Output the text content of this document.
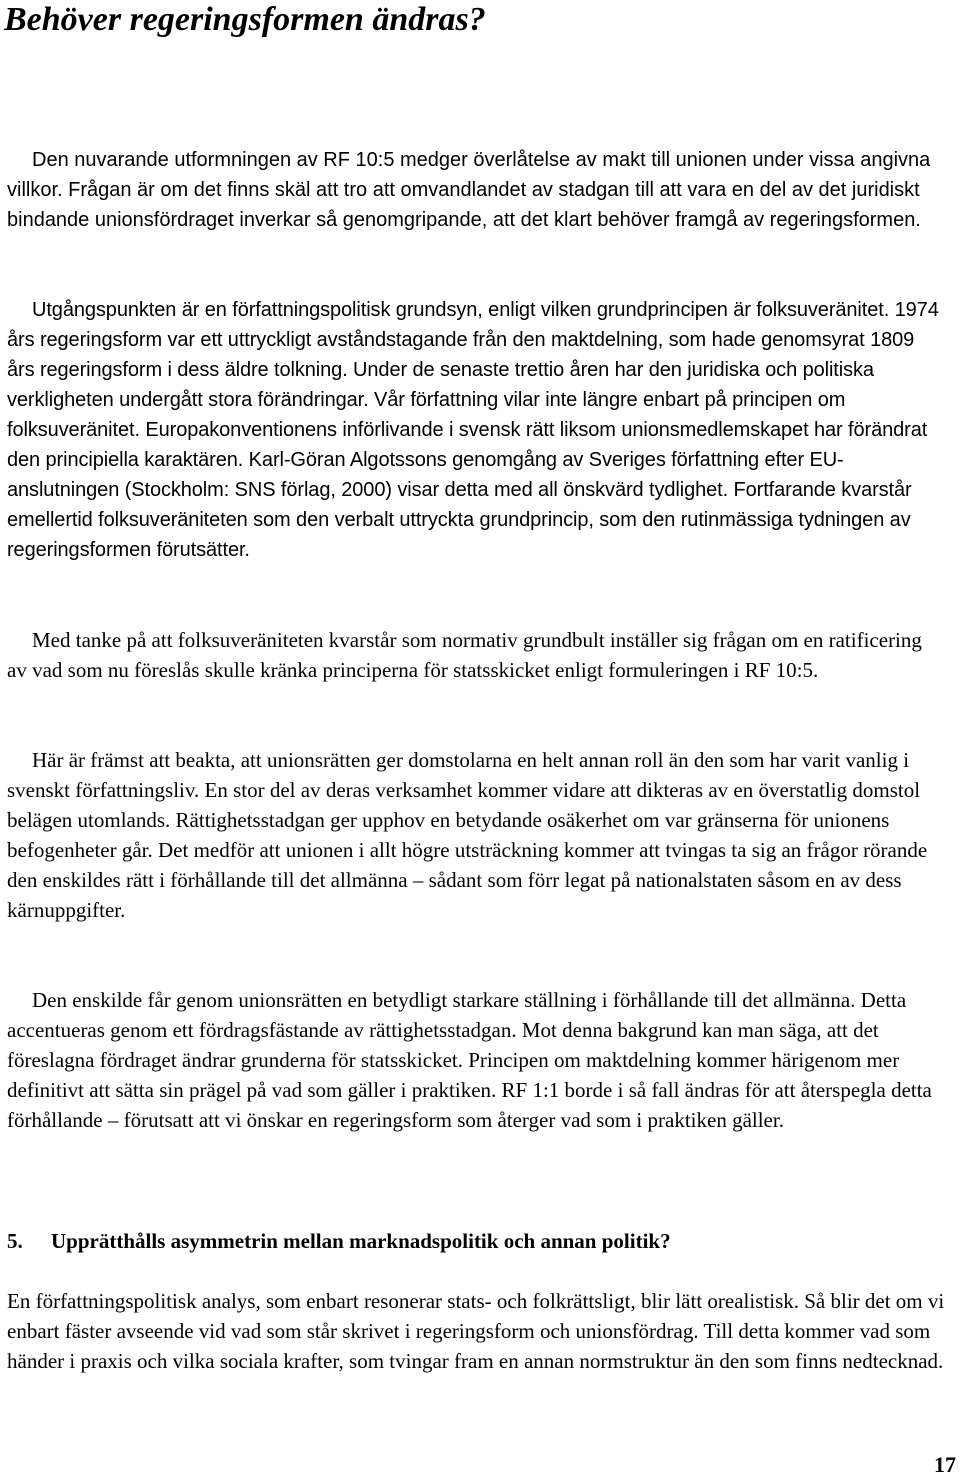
Behöver regeringsformen ändras?

Den nuvarande utformningen av RF 10:5 medger överlåtelse av makt till unionen under vissa angivna villkor. Frågan är om det finns skäl att tro att omvandlandet av stadgan till att vara en del av det juridiskt bindande unionsfördraget inverkar så genomgripande, att det klart behöver framgå av regeringsformen.

Utgångspunkten är en författningspolitisk grundsyn, enligt vilken grundprincipen är folksuveränitet. 1974 års regeringsform var ett uttryckligt avståndstagande från den maktdelning, som hade genomsyrat 1809 års regeringsform i dess äldre tolkning. Under de senaste trettio åren har den juridiska och politiska verkligheten undergått stora förändringar. Vår författning vilar inte längre enbart på principen om folksuveränitet. Europakonventionens införlivande i svensk rätt liksom unionsmedlemskapet har förändrat den principiella karaktären. Karl-Göran Algotssons genomgång av Sveriges författning efter EU-anslutningen (Stockholm: SNS förlag, 2000) visar detta med all önskvärd tydlighet. Fortfarande kvarstår emellertid folksuveräniteten som den verbalt uttryckta grundprincip, som den rutinmässiga tydningen av regeringsformen förutsätter.

Med tanke på att folksuveräniteten kvarstår som normativ grundbult inställer sig frågan om en ratificering av vad som nu föreslås skulle kränka principerna för statsskicket enligt formuleringen i RF 10:5.

Här är främst att beakta, att unionsrätten ger domstolarna en helt annan roll än den som har varit vanlig i svenskt författningsliv. En stor del av deras verksamhet kommer vidare att dikteras av en överstatlig domstol belägen utomlands. Rättighetsstadgan ger upphov en betydande osäkerhet om var gränserna för unionens befogenheter går. Det medför att unionen i allt högre utsträckning kommer att tvingas ta sig an frågor rörande den enskildes rätt i förhållande till det allmänna – sådant som förr legat på nationalstaten såsom en av dess kärnuppgifter.

Den enskilde får genom unionsrätten en betydligt starkare ställning i förhållande till det allmänna. Detta accentueras genom ett fördragsfästande av rättighetsstadgan. Mot denna bakgrund kan man säga, att det föreslagna fördraget ändrar grunderna för statsskicket. Principen om maktdelning kommer härigenom mer definitivt att sätta sin prägel på vad som gäller i praktiken. RF 1:1 borde i så fall ändras för att återspegla detta förhållande – förutsatt att vi önskar en regeringsform som återger vad som i praktiken gäller.

5. Upprätthålls asymmetrin mellan marknadspolitik och annan politik?

En författningspolitisk analys, som enbart resonerar stats- och folkrättsligt, blir lätt orealistisk. Så blir det om vi enbart fäster avseende vid vad som står skrivet i regeringsform och unionsfördrag. Till detta kommer vad som händer i praxis och vilka sociala krafter, som tvingar fram en annan normstruktur än den som finns nedtecknad.

17
